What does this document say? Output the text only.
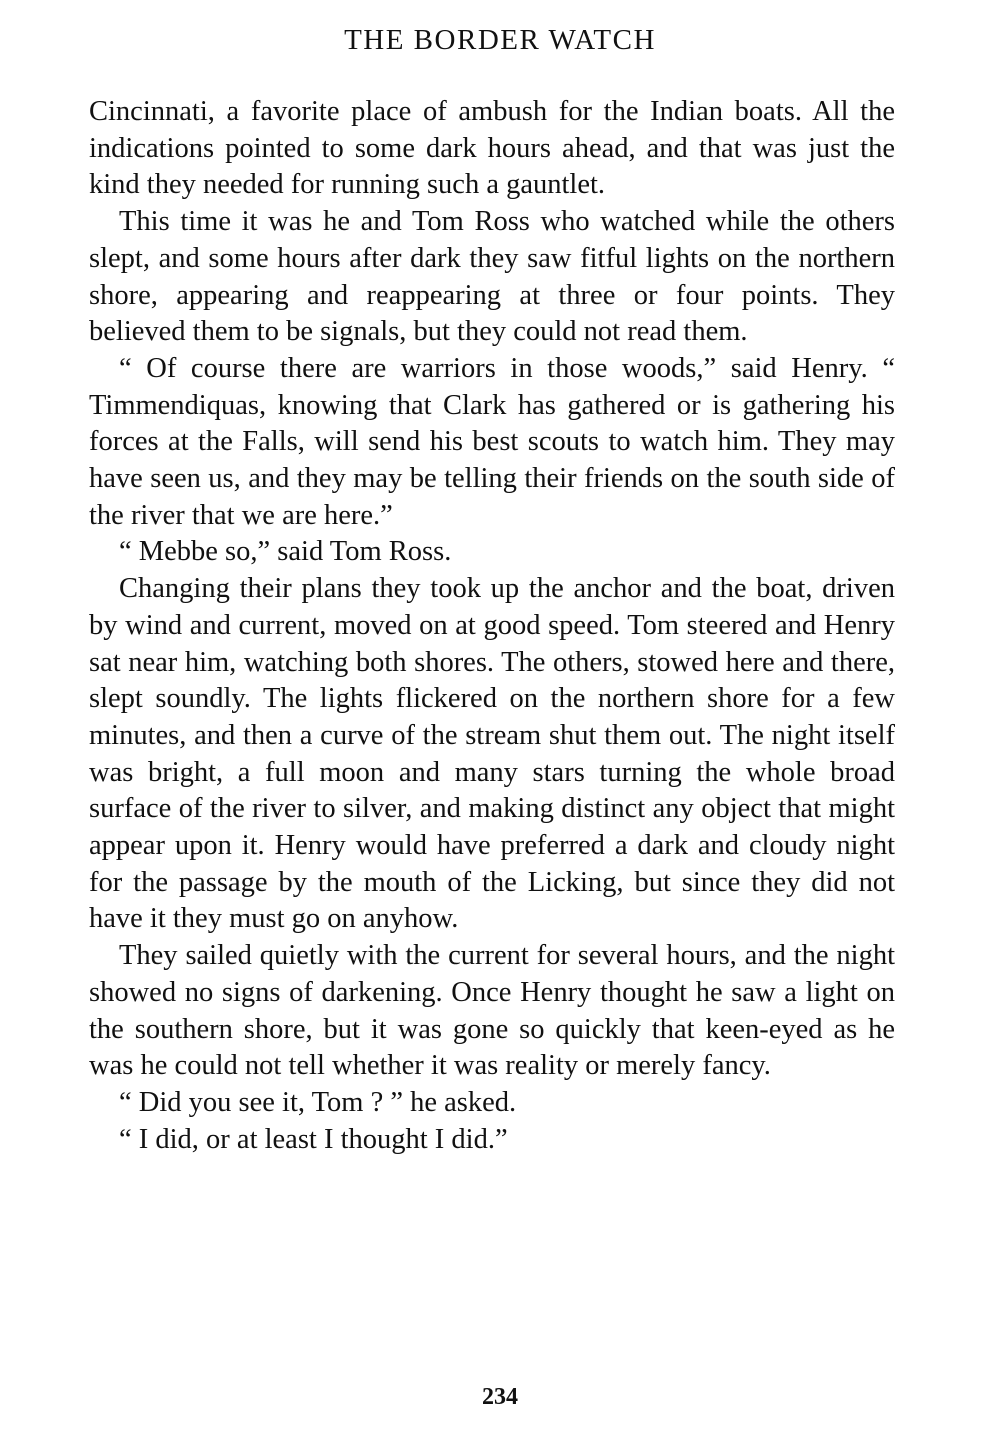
THE BORDER WATCH

Cincinnati, a favorite place of ambush for the Indian boats. All the indications pointed to some dark hours ahead, and that was just the kind they needed for running such a gauntlet.

This time it was he and Tom Ross who watched while the others slept, and some hours after dark they saw fitful lights on the northern shore, appearing and reappearing at three or four points. They believed them to be signals, but they could not read them.

“ Of course there are warriors in those woods,” said Henry. “ Timmendiquas, knowing that Clark has gathered or is gathering his forces at the Falls, will send his best scouts to watch him. They may have seen us, and they may be telling their friends on the south side of the river that we are here.”

“ Mebbe so,” said Tom Ross.

Changing their plans they took up the anchor and the boat, driven by wind and current, moved on at good speed. Tom steered and Henry sat near him, watching both shores. The others, stowed here and there, slept soundly. The lights flickered on the northern shore for a few minutes, and then a curve of the stream shut them out. The night itself was bright, a full moon and many stars turning the whole broad surface of the river to silver, and making distinct any object that might appear upon it. Henry would have preferred a dark and cloudy night for the passage by the mouth of the Licking, but since they did not have it they must go on anyhow.

They sailed quietly with the current for several hours, and the night showed no signs of darkening. Once Henry thought he saw a light on the southern shore, but it was gone so quickly that keen-eyed as he was he could not tell whether it was reality or merely fancy.

“ Did you see it, Tom ? ” he asked.

“ I did, or at least I thought I did.”

234
